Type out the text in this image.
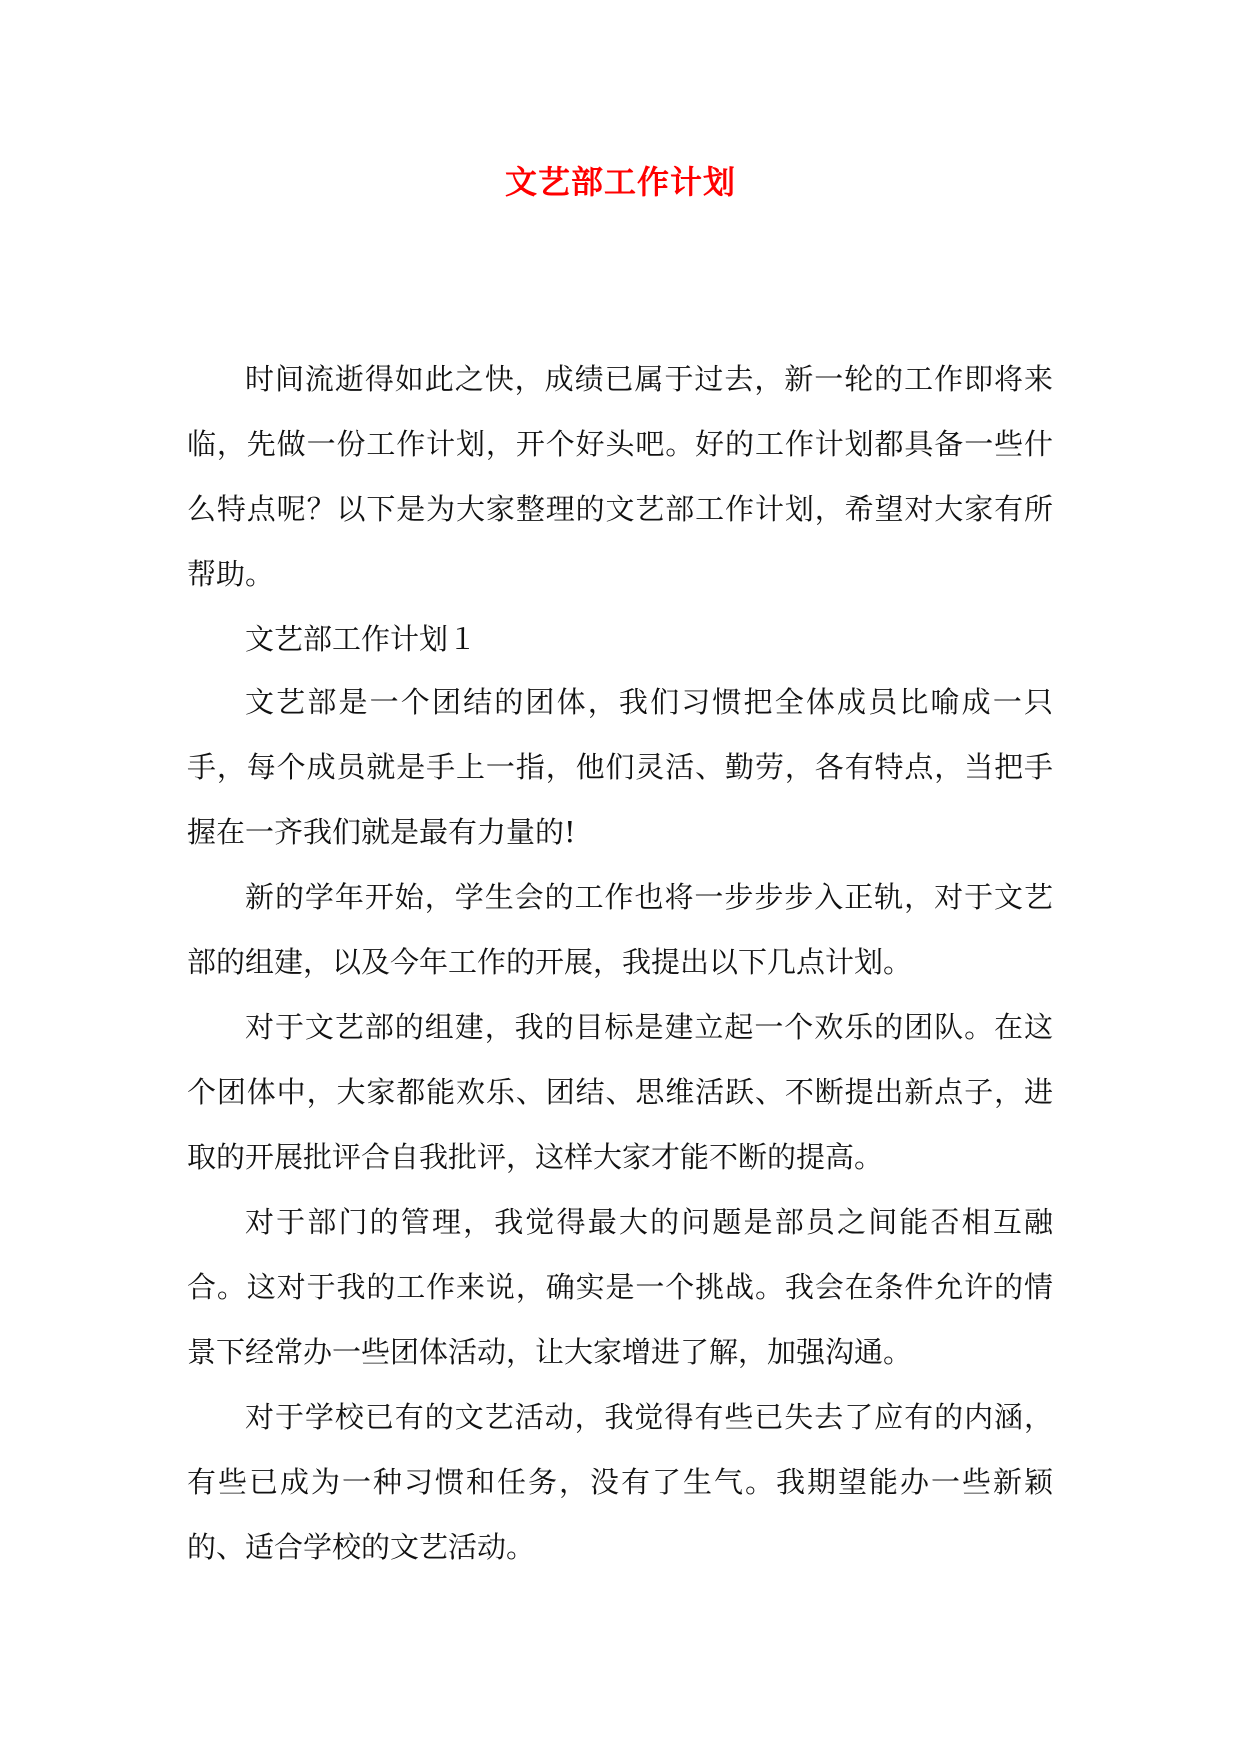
文艺部工作计划

时间流逝得如此之快，成绩已属于过去，新一轮的工作即将来临，先做一份工作计划，开个好头吧。好的工作计划都具备一些什么特点呢？以下是为大家整理的文艺部工作计划，希望对大家有所帮助。

文艺部工作计划１

文艺部是一个团结的团体，我们习惯把全体成员比喻成一只手，每个成员就是手上一指，他们灵活、勤劳，各有特点，当把手握在一齐我们就是最有力量的!

新的学年开始，学生会的工作也将一步步步入正轨，对于文艺部的组建，以及今年工作的开展，我提出以下几点计划。

对于文艺部的组建，我的目标是建立起一个欢乐的团队。在这个团体中，大家都能欢乐、团结、思维活跃、不断提出新点子，进取的开展批评合自我批评，这样大家才能不断的提高。

对于部门的管理，我觉得最大的问题是部员之间能否相互融合。这对于我的工作来说，确实是一个挑战。我会在条件允许的情景下经常办一些团体活动，让大家增进了解，加强沟通。

对于学校已有的文艺活动，我觉得有些已失去了应有的内涵，有些已成为一种习惯和任务，没有了生气。我期望能办一些新颖的、适合学校的文艺活动。
